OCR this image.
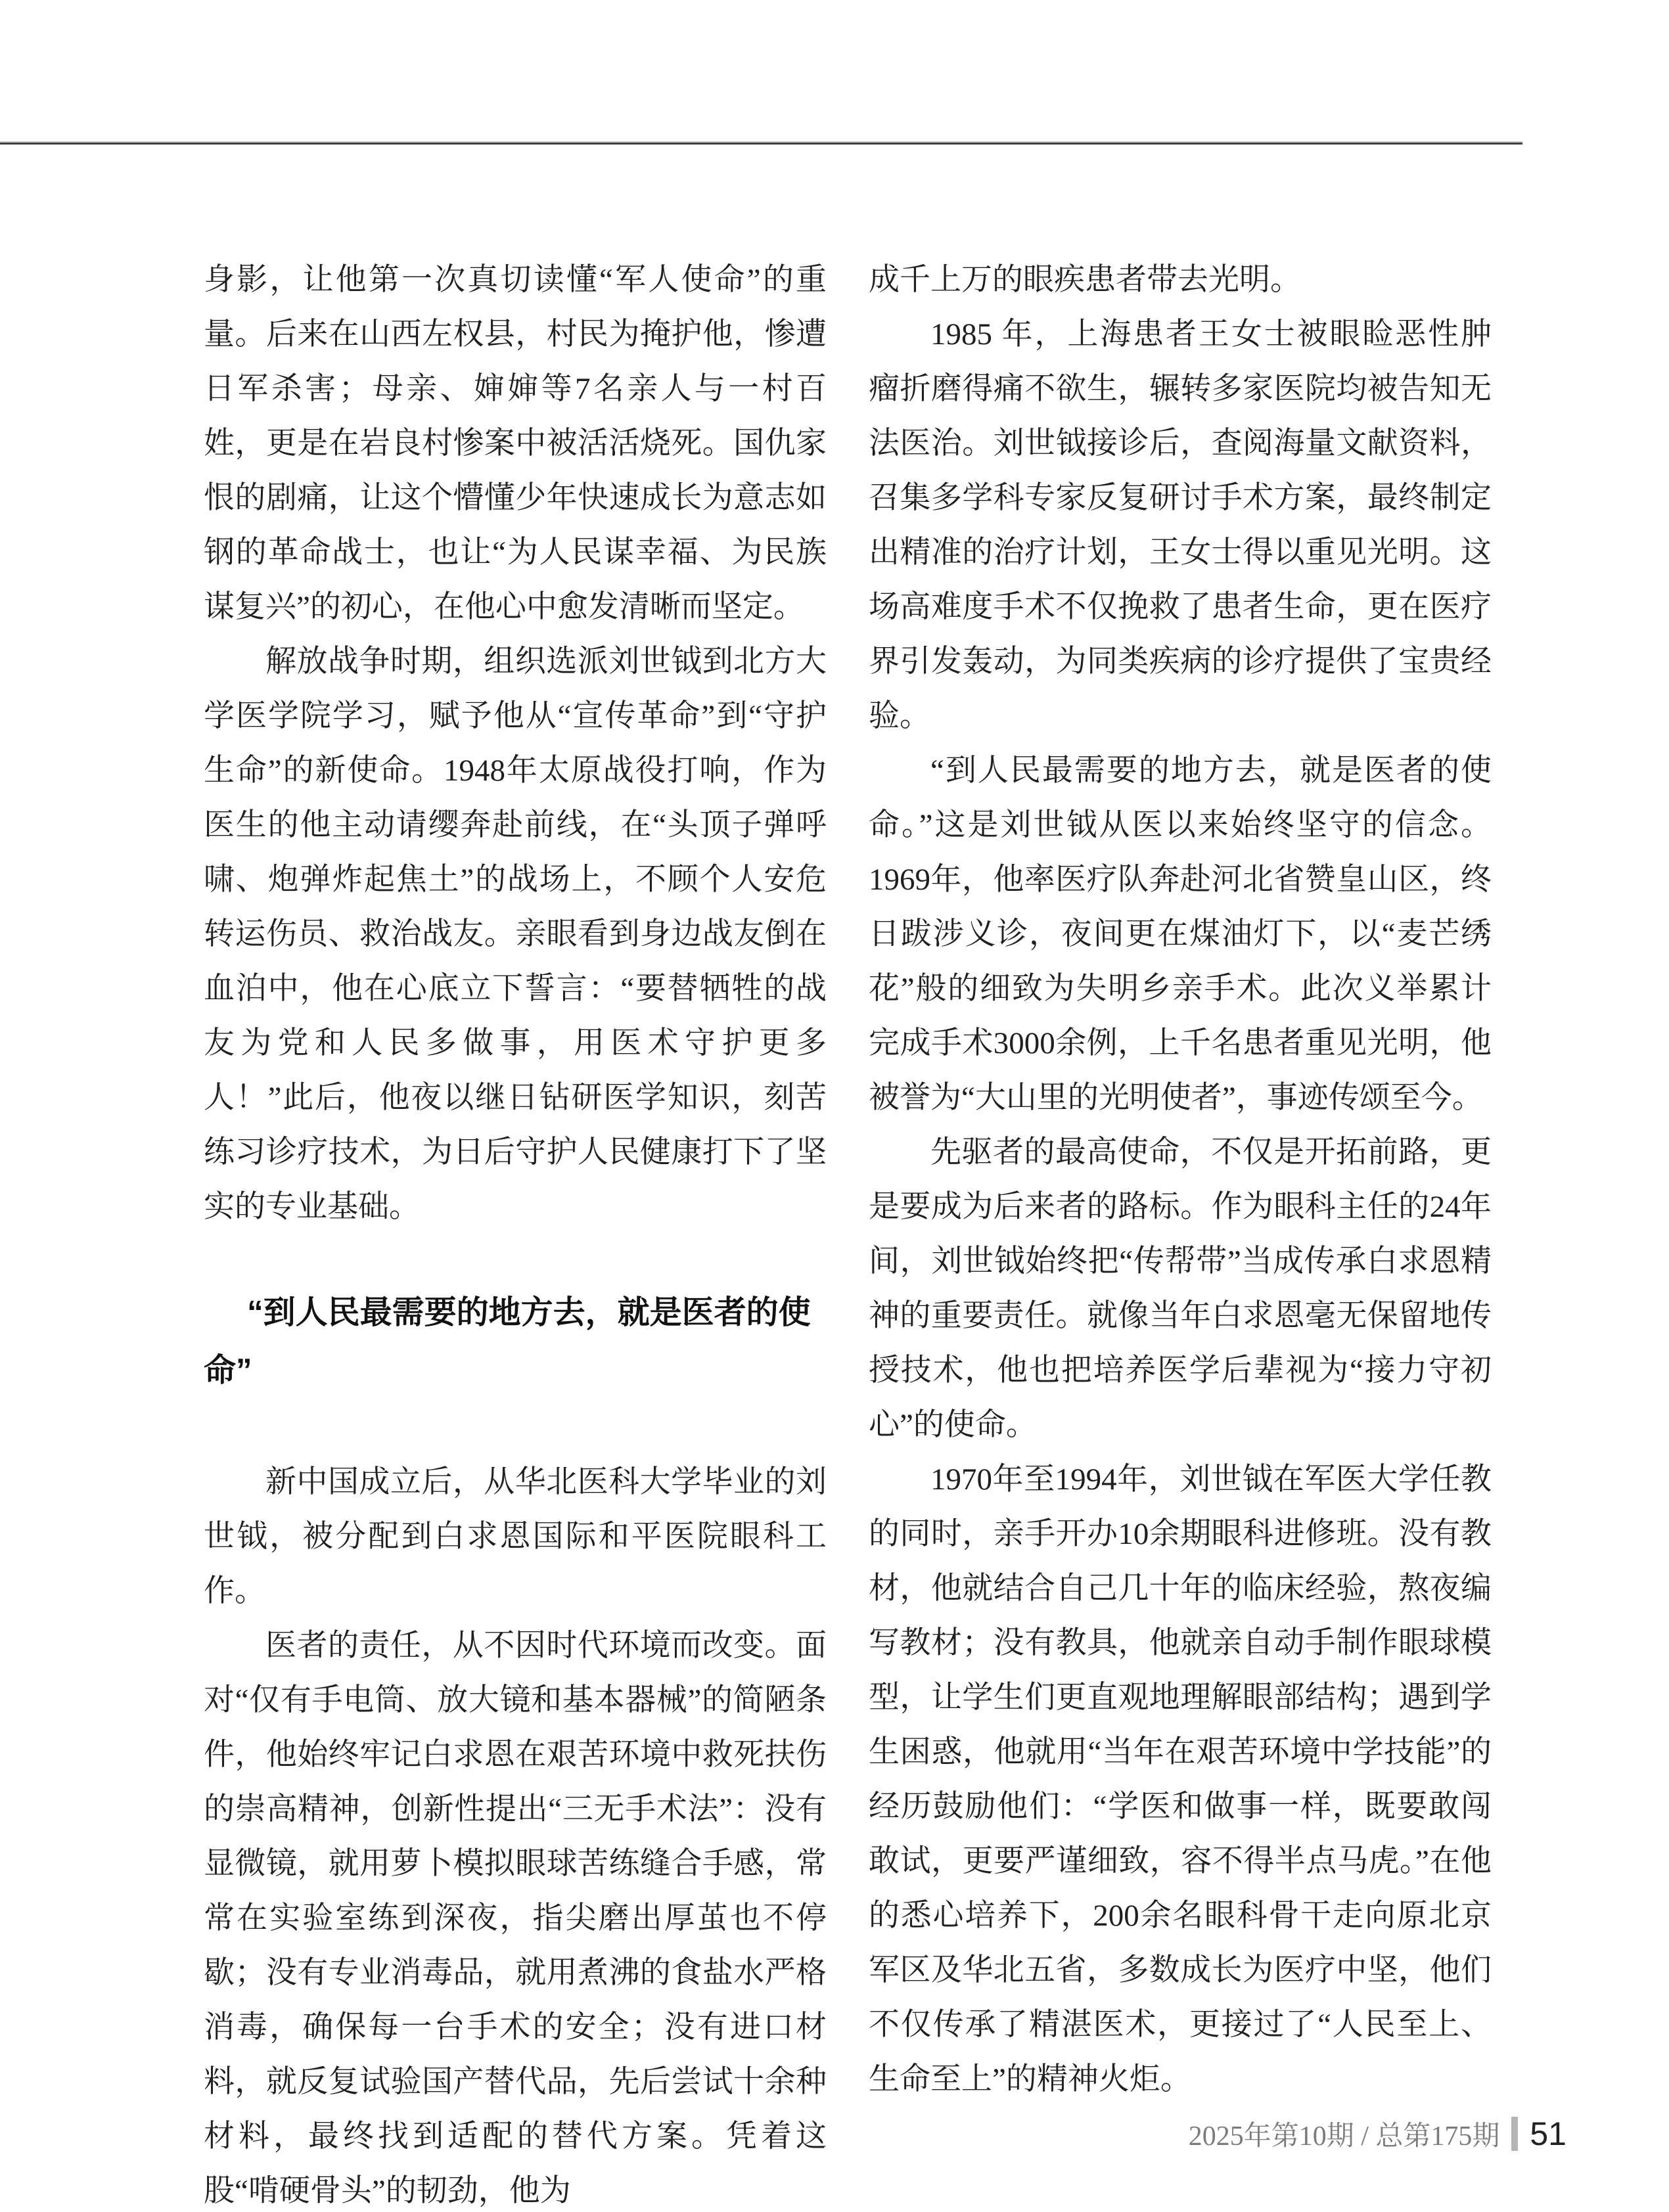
身影，让他第一次真切读懂“军人使命”的重量。后来在山西左权县，村民为掩护他，惨遭日军杀害；母亲、婶婶等7名亲人与一村百姓，更是在岩良村惨案中被活活烧死。国仇家恨的剧痛，让这个懵懂少年快速成长为意志如钢的革命战士，也让“为人民谋幸福、为民族谋复兴”的初心，在他心中愈发清晰而坚定。

解放战争时期，组织选派刘世钺到北方大学医学院学习，赋予他从“宣传革命”到“守护生命”的新使命。1948年太原战役打响，作为医生的他主动请缨奔赴前线，在“头顶子弹呼啸、炮弹炸起焦土”的战场上，不顾个人安危转运伤员、救治战友。亲眼看到身边战友倒在血泊中，他在心底立下誓言：“要替牺牲的战友为党和人民多做事，用医术守护更多人！”此后，他夜以继日钻研医学知识，刻苦练习诊疗技术，为日后守护人民健康打下了坚实的专业基础。

“到人民最需要的地方去，就是医者的使命”

新中国成立后，从华北医科大学毕业的刘世钺，被分配到白求恩国际和平医院眼科工作。

医者的责任，从不因时代环境而改变。面对“仅有手电筒、放大镜和基本器械”的简陋条件，他始终牢记白求恩在艰苦环境中救死扶伤的崇高精神，创新性提出“三无手术法”：没有显微镜，就用萝卜模拟眼球苦练缝合手感，常常在实验室练到深夜，指尖磨出厚茧也不停歇；没有专业消毒品，就用煮沸的食盐水严格消毒，确保每一台手术的安全；没有进口材料，就反复试验国产替代品，先后尝试十余种材料，最终找到适配的替代方案。凭着这股“啃硬骨头”的韧劲，他为

成千上万的眼疾患者带去光明。

1985 年，上海患者王女士被眼睑恶性肿瘤折磨得痛不欲生，辗转多家医院均被告知无法医治。刘世钺接诊后，查阅海量文献资料，召集多学科专家反复研讨手术方案，最终制定出精准的治疗计划，王女士得以重见光明。这场高难度手术不仅挽救了患者生命，更在医疗界引发轰动，为同类疾病的诊疗提供了宝贵经验。

“到人民最需要的地方去，就是医者的使命。”这是刘世钺从医以来始终坚守的信念。1969年，他率医疗队奔赴河北省赞皇山区，终日跋涉义诊，夜间更在煤油灯下，以“麦芒绣花”般的细致为失明乡亲手术。此次义举累计完成手术3000余例，上千名患者重见光明，他被誉为“大山里的光明使者”，事迹传颂至今。

先驱者的最高使命，不仅是开拓前路，更是要成为后来者的路标。作为眼科主任的24年间，刘世钺始终把“传帮带”当成传承白求恩精神的重要责任。就像当年白求恩毫无保留地传授技术，他也把培养医学后辈视为“接力守初心”的使命。

1970年至1994年，刘世钺在军医大学任教的同时，亲手开办10余期眼科进修班。没有教材，他就结合自己几十年的临床经验，熬夜编写教材；没有教具，他就亲自动手制作眼球模型，让学生们更直观地理解眼部结构；遇到学生困惑，他就用“当年在艰苦环境中学技能”的经历鼓励他们：“学医和做事一样，既要敢闯敢试，更要严谨细致，容不得半点马虎。”在他的悉心培养下，200余名眼科骨干走向原北京军区及华北五省，多数成长为医疗中坚，他们不仅传承了精湛医术，更接过了“人民至上、生命至上”的精神火炬。

2025年第10期 / 总第175期 51
